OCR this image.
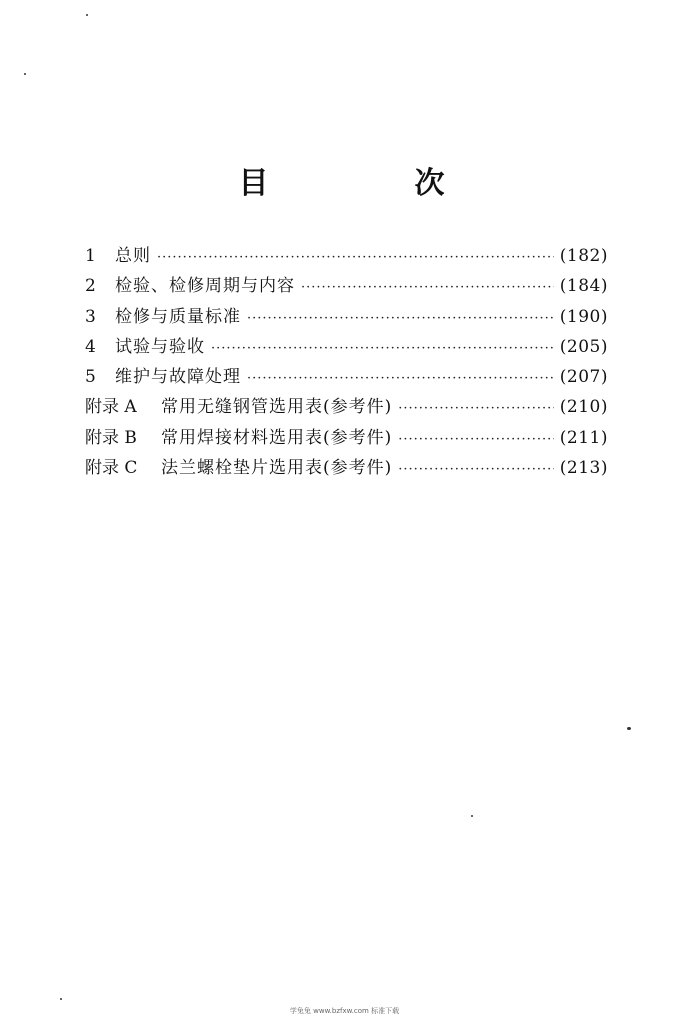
目　次
1	总则 ·····	(182)
2	检验、检修周期与内容 ·····	(184)
3	检修与质量标准 ·····	(190)
4	试验与验收 ·····	(205)
5	维护与故障处理 ·····	(207)
附录 A	常用无缝钢管选用表(参考件) ·····	(210)
附录 B	常用焊接材料选用表(参考件) ·····	(211)
附录 C	法兰螺栓垫片选用表(参考件) ·····	(213)
学兔兔 www.bzfxw.com 标准下载
